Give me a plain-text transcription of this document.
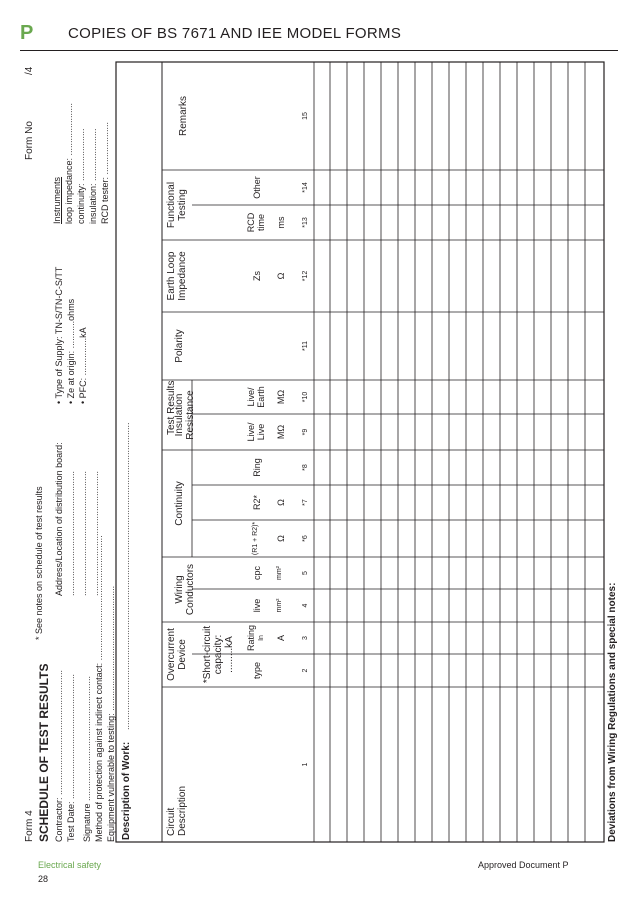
P COPIES OF BS 7671 AND IEE MODEL FORMS
Form 4
Form No
/4
SCHEDULE OF TEST RESULTS Contractor: .................................................. Test Date: .................................................. Signature .................................................. Method of protection against indirect contact: .................................................. Equipment vulnerable to testing: ..................................................
Address/Location of distribution board: .................................................. .................................................. ..................................................
• Type of Supply: TN-S/TN-C-S/TT • Ze at origin: ...........ohms • PFC: ...............kA
Instruments loop impedance: ..................... continuity: ..................... insulation: ..................... RCD tester: .....................
Description of Work:
...........................................................................................................................
Test Results
Circuit Description
Overcurrent Device
Wiring Conductors
Continuity
Insulation Resistance
Polarity
Earth Loop Impedance
Functional Testing
Remarks
*Short-circuit capacity: .........kA type
Rating In A
live
cpc
mm²
mm²
(R1 + R2)*
R2*
Ring
Ω
Ω
Live/ Live
Live/ Earth
MΩ
MΩ
Zs Ω
RCD time ms
Other
1
2
3
4
5
*6
*7
*8
*9
*10
*11
*12
*13
*14
15
Deviations from Wiring Regulations and special notes:
* See notes on schedule of test results
Electrical safety
28
Approved Document P
